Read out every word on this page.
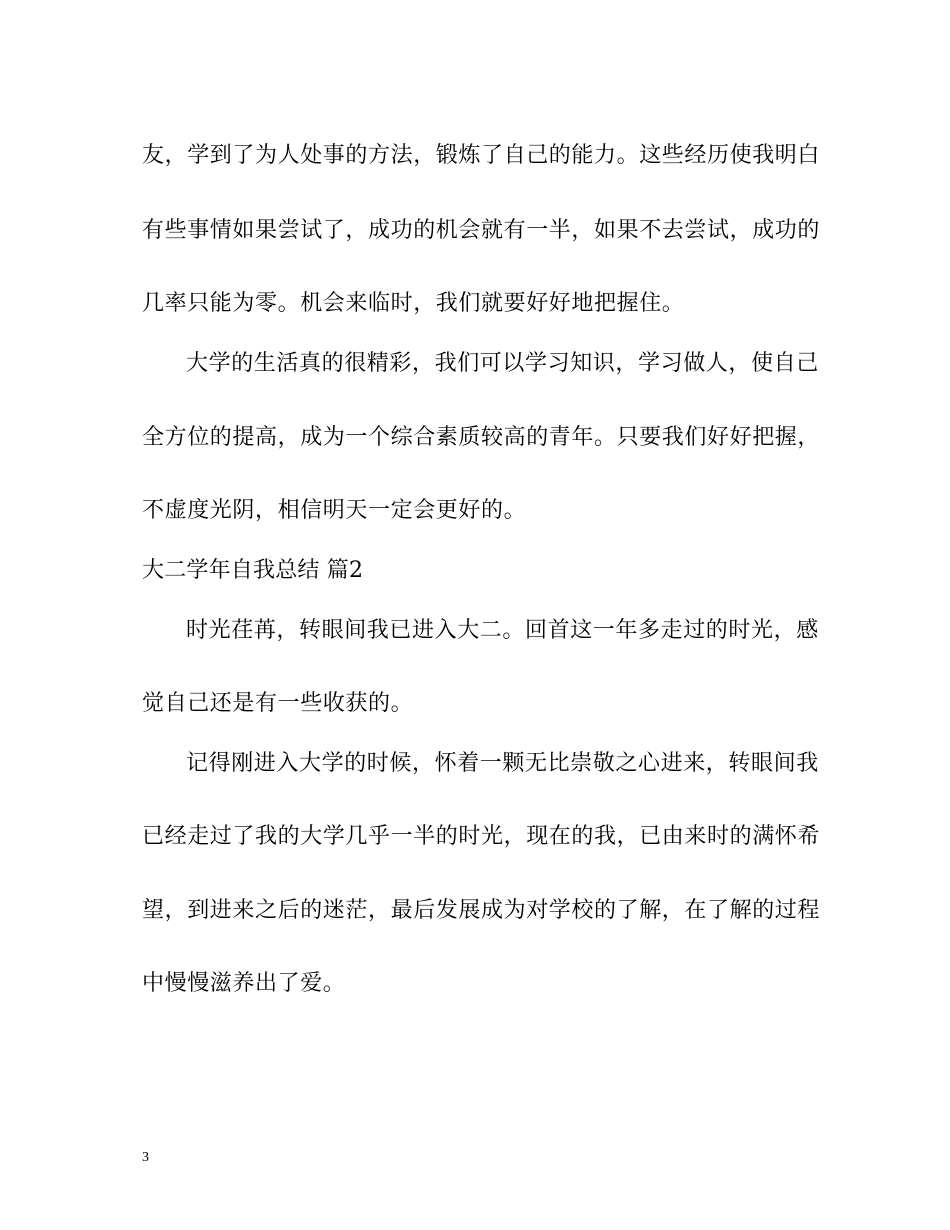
友，学到了为人处事的方法，锻炼了自己的能力。这些经历使我明白
有些事情如果尝试了，成功的机会就有一半，如果不去尝试，成功的
几率只能为零。机会来临时，我们就要好好地把握住。
大学的生活真的很精彩，我们可以学习知识，学习做人，使自己
全方位的提高，成为一个综合素质较高的青年。只要我们好好把握，
不虚度光阴，相信明天一定会更好的。
大二学年自我总结 篇2
时光荏苒，转眼间我已进入大二。回首这一年多走过的时光，感
觉自己还是有一些收获的。
记得刚进入大学的时候，怀着一颗无比崇敬之心进来，转眼间我
已经走过了我的大学几乎一半的时光，现在的我，已由来时的满怀希
望，到进来之后的迷茫，最后发展成为对学校的了解，在了解的过程
中慢慢滋养出了爱。
3
